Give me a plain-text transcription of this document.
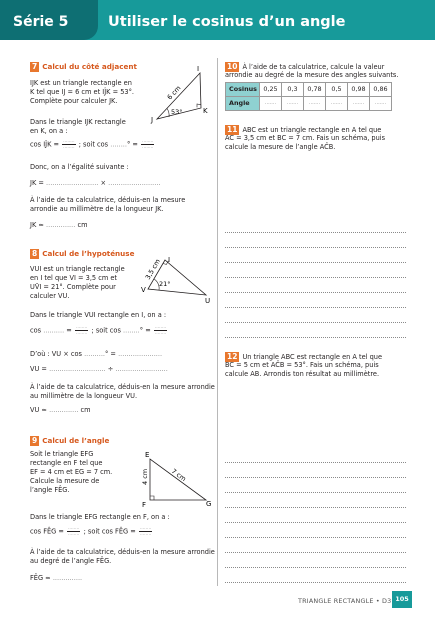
Série 5	Utiliser le cosinus d’un angle
7 Calcul du côté adjacent
IJK est un triangle rectangle en
K tel que IJ = 6 cm et IĴK = 53°.
Complète pour calculer JK.
I
J
K
6 cm
53°
Dans le triangle IJK rectangle
en K, on a :
cos IĴK = $\frac{........}{........}$ ; soit cos ........° = $\frac{........}{........}$
Donc, on a l’égalité suivante :
JK = ......................... × .........................
À l’aide de ta calculatrice, déduis-en la mesure
arrondie au millimètre de la longueur JK.
JK ≈ .............. cm
8 Calcul de l’hypoténuse
VUI est un triangle rectangle
en I tel que VI = 3,5 cm et
UV̂I = 21°. Complète pour
calculer VU.
I
V
U
3,5 cm
21°
Dans le triangle VUI rectangle en I, on a :
cos .......... = $\frac{........}{........}$ ; soit cos ........° = $\frac{........}{........}$
D’où : VU × cos ..........° = .....................
VU = ........................... ÷ .........................
À l’aide de ta calculatrice, déduis-en la mesure arrondie
au millimètre de la longueur VU.
VU ≈ .............. cm
9 Calcul de l’angle
Soit le triangle EFG
rectangle en F tel que
EF = 4 cm et EG = 7 cm.
Calcule la mesure de
l’angle FÊG.
E
F	G
4 cm	7 cm
Dans le triangle EFG rectangle en F, on a :
cos FÊG = $\frac{........}{........}$ ; soit cos FÊG = $\frac{........}{........}$
À l’aide de ta calculatrice, déduis-en la mesure arrondie
au degré de l’angle FÊG.
FÊG ≈ ..............
10 À l’aide de ta calculatrice, calcule la valeur
arrondie au degré de la mesure des angles suivants.
Cosinus	0,25	0,3	0,78	0,5	0,98	0,86
Angle	.......	.......	.......	.......	.......	.......
11 ABC est un triangle rectangle en A tel que
AC = 3,5 cm et BC = 7 cm. Fais un schéma, puis
calcule la mesure de l’angle AĈB.
12 Un triangle ABC est rectangle en A tel que
BC = 5 cm et AĈB = 53°. Fais un schéma, puis
calcule AB. Arrondis ton résultat au millimètre.
TRIANGLE RECTANGLE • D3 105
